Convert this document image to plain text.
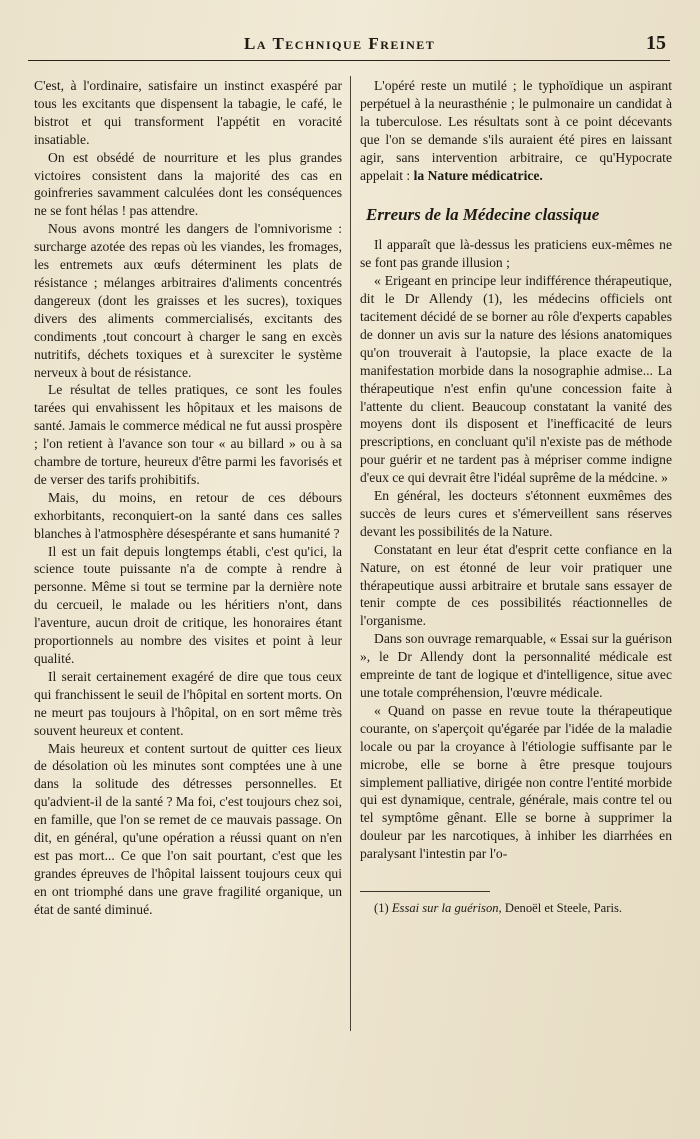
La Technique Freinet	15

C'est, à l'ordinaire, satisfaire un instinct exaspéré par tous les excitants que dispensent la tabagie, le café, le bistrot et qui transforment l'appétit en voracité insatiable.

On est obsédé de nourriture et les plus grandes victoires consistent dans la majorité des cas en goinfreries savamment calculées dont les conséquences ne se font hélas ! pas attendre.

Nous avons montré les dangers de l'omnivorisme : surcharge azotée des repas où les viandes, les fromages, les entremets aux œufs déterminent les plats de résistance ; mélanges arbitraires d'aliments concentrés dangereux (dont les graisses et les sucres), toxiques divers des aliments commercialisés, excitants des condiments ,tout concourt à charger le sang en excès nutritifs, déchets toxiques et à surexciter le système nerveux à bout de résistance.

Le résultat de telles pratiques, ce sont les foules tarées qui envahissent les hôpitaux et les maisons de santé. Jamais le commerce médical ne fut aussi prospère ; l'on retient à l'avance son tour « au billard » ou à sa chambre de torture, heureux d'être parmi les favorisés et de verser des tarifs prohibitifs.

Mais, du moins, en retour de ces débours exhorbitants, reconquiert-on la santé dans ces salles blanches à l'atmosphère désespérante et sans humanité ?

Il est un fait depuis longtemps établi, c'est qu'ici, la science toute puissante n'a de compte à rendre à personne. Même si tout se termine par la dernière note du cercueil, le malade ou les héritiers n'ont, dans l'aventure, aucun droit de critique, les honoraires étant proportionnels au nombre des visites et point à leur qualité.

Il serait certainement exagéré de dire que tous ceux qui franchissent le seuil de l'hôpital en sortent morts. On ne meurt pas toujours à l'hôpital, on en sort même très souvent heureux et content.

Mais heureux et content surtout de quitter ces lieux de désolation où les minutes sont comptées une à une dans la solitude des détresses personnelles. Et qu'advient-il de la santé ? Ma foi, c'est toujours chez soi, en famille, que l'on se remet de ce mauvais passage. On dit, en général, qu'une opération a réussi quant on n'en est pas mort... Ce que l'on sait pourtant, c'est que les grandes épreuves de l'hôpital laissent toujours ceux qui en ont triomphé dans une grave fragilité organique, un état de santé diminué.

L'opéré reste un mutilé ; le typhoïdique un aspirant perpétuel à la neurasthénie ; le pulmonaire un candidat à la tuberculose. Les résultats sont à ce point décevants que l'on se demande s'ils auraient été pires en laissant agir, sans intervention arbitraire, ce qu'Hypocrate appelait : la Nature médicatrice.

Erreurs de la Médecine classique

Il apparaît que là-dessus les praticiens eux-mêmes ne se font pas grande illusion ;

« Erigeant en principe leur indifférence thérapeutique, dit le Dr Allendy (1), les médecins officiels ont tacitement décidé de se borner au rôle d'experts capables de donner un avis sur la nature des lésions anatomiques qu'on trouverait à l'autopsie, la place exacte de la manifestation morbide dans la nosographie admise... La thérapeutique n'est enfin qu'une concession faite à l'attente du client. Beaucoup constatant la vanité des moyens dont ils disposent et l'inefficacité de leurs prescriptions, en concluant qu'il n'existe pas de méthode pour guérir et ne tardent pas à mépriser comme indigne d'eux ce qui devrait être l'idéal suprême de la médcine. »

En général, les docteurs s'étonnent euxmêmes des succès de leurs cures et s'émerveillent sans réserves devant les possibilités de la Nature.

Constatant en leur état d'esprit cette confiance en la Nature, on est étonné de leur voir pratiquer une thérapeutique aussi arbitraire et brutale sans essayer de tenir compte de ces possibilités réactionnelles de l'organisme.

Dans son ouvrage remarquable, « Essai sur la guérison », le Dr Allendy dont la personnalité médicale est empreinte de tant de logique et d'intelligence, situe avec une totale compréhension, l'œuvre médicale.

« Quand on passe en revue toute la thérapeutique courante, on s'aperçoit qu'égarée par l'idée de la maladie locale ou par la croyance à l'étiologie suffisante par le microbe, elle se borne à être presque toujours simplement palliative, dirigée non contre l'entité morbide qui est dynamique, centrale, générale, mais contre tel ou tel symptôme gênant. Elle se borne à supprimer la douleur par les narcotiques, à inhiber les diarrhées en paralysant l'intestin par l'o-

(1) Essai sur la guérison, Denoël et Steele, Paris.
